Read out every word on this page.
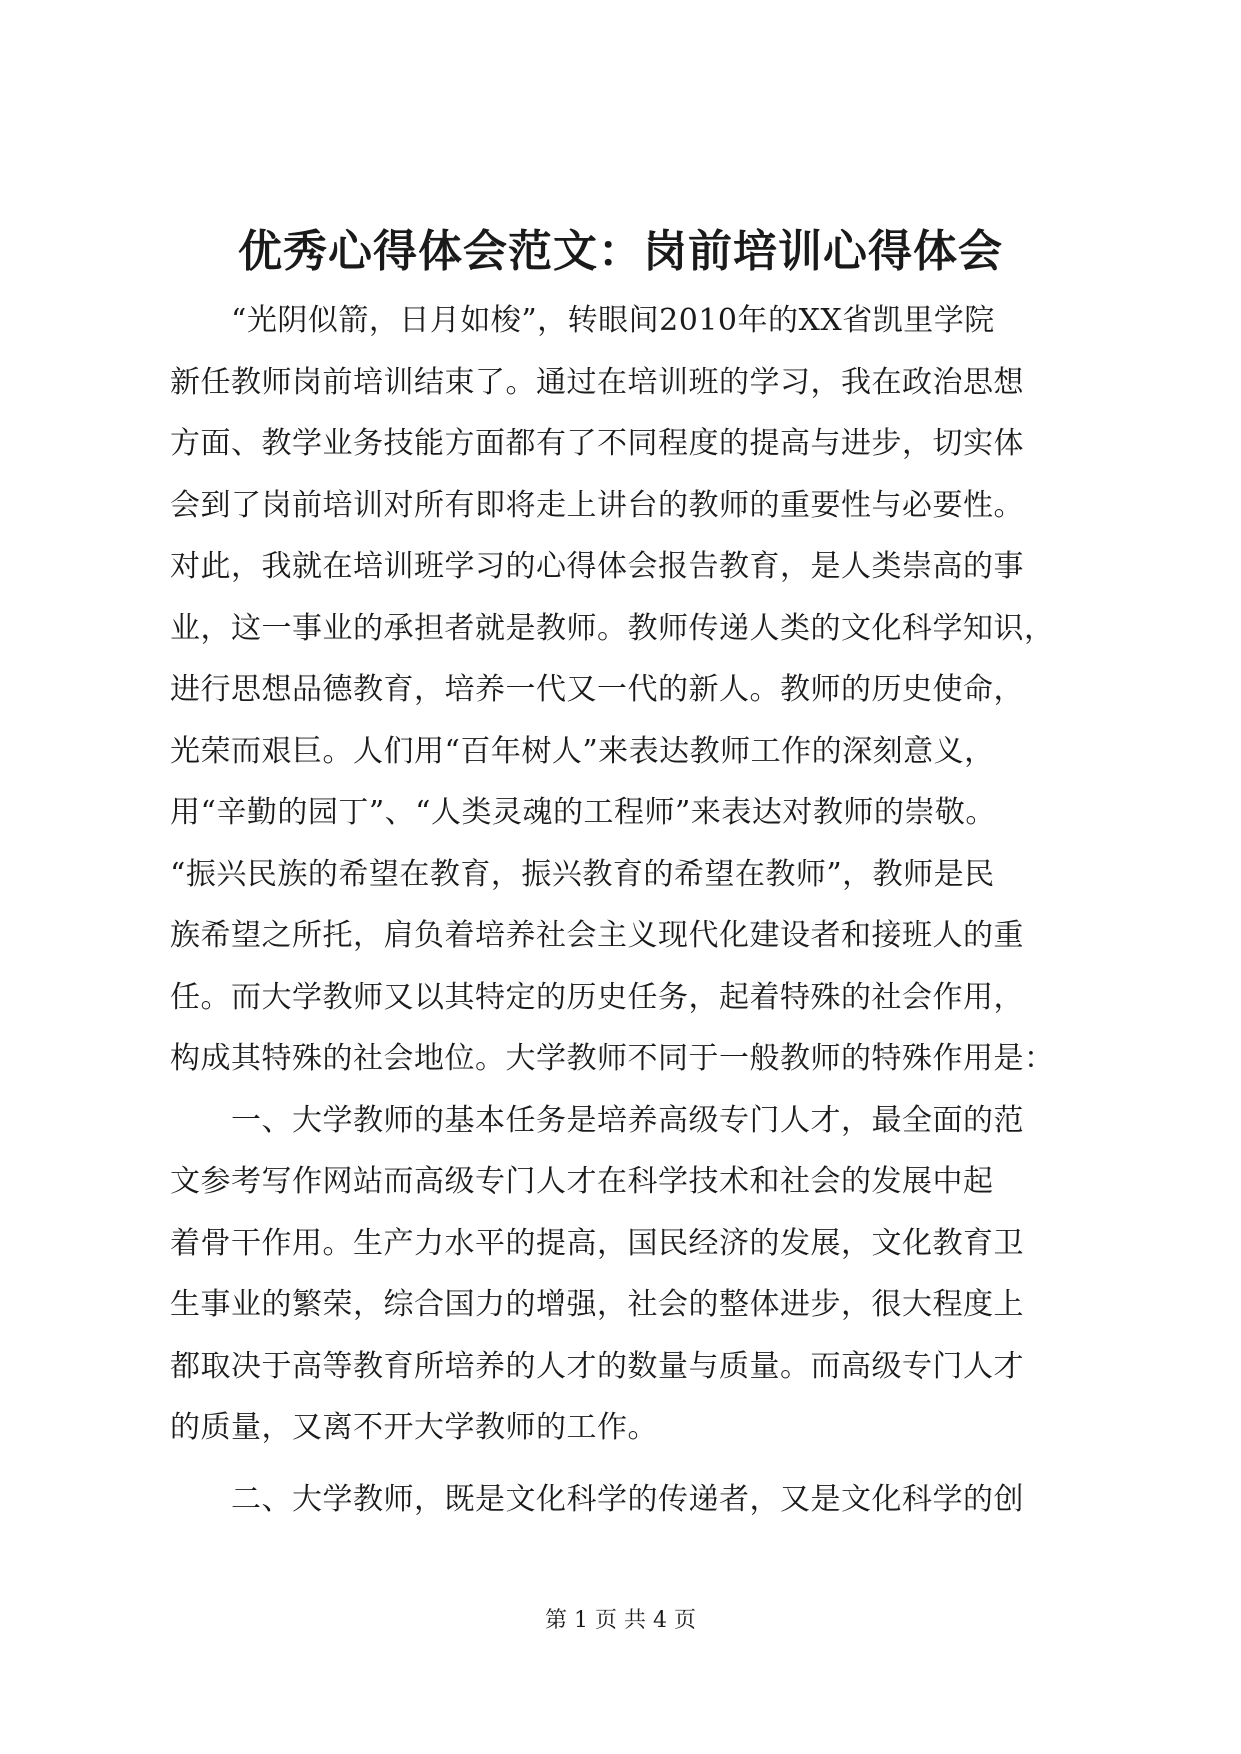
优秀心得体会范文：岗前培训心得体会
　　“光阴似箭，日月如梭”，转眼间2010年的XX省凯里学院
新任教师岗前培训结束了。通过在培训班的学习，我在政治思想
方面、教学业务技能方面都有了不同程度的提高与进步，切实体
会到了岗前培训对所有即将走上讲台的教师的重要性与必要性。
对此，我就在培训班学习的心得体会报告教育，是人类崇高的事
业，这一事业的承担者就是教师。教师传递人类的文化科学知识，
进行思想品德教育，培养一代又一代的新人。教师的历史使命，
光荣而艰巨。人们用“百年树人”来表达教师工作的深刻意义，
用“辛勤的园丁”、“人类灵魂的工程师”来表达对教师的崇敬。
“振兴民族的希望在教育，振兴教育的希望在教师”，教师是民
族希望之所托，肩负着培养社会主义现代化建设者和接班人的重
任。而大学教师又以其特定的历史任务，起着特殊的社会作用，
构成其特殊的社会地位。大学教师不同于一般教师的特殊作用是：
　　一、大学教师的基本任务是培养高级专门人才，最全面的范
文参考写作网站而高级专门人才在科学技术和社会的发展中起
着骨干作用。生产力水平的提高，国民经济的发展，文化教育卫
生事业的繁荣，综合国力的增强，社会的整体进步，很大程度上
都取决于高等教育所培养的人才的数量与质量。而高级专门人才
的质量，又离不开大学教师的工作。
　　二、大学教师，既是文化科学的传递者，又是文化科学的创
第 1 页 共 4 页
